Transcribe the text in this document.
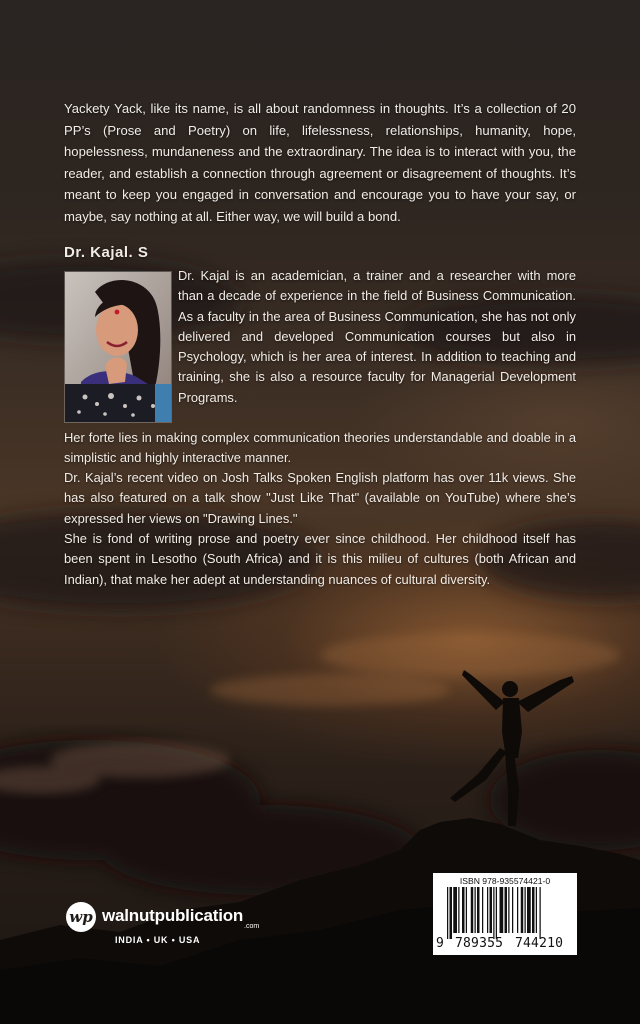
Yackety Yack, like its name, is all about randomness in thoughts. It’s a collection of 20 PP’s (Prose and Poetry) on life, lifelessness, relationships, humanity, hope, hopelessness, mundaneness and the extraordinary. The idea is to interact with you, the reader, and establish a connection through agreement or disagreement of thoughts. It’s meant to keep you engaged in conversation and encourage you to have your say, or maybe, say nothing at all. Either way, we will build a bond.

Dr. Kajal. S

Dr. Kajal is an academician, a trainer and a researcher with more than a decade of experience in the field of Business Communication. As a faculty in the area of Business Communication, she has not only delivered and developed Communication courses but also in Psychology, which is her area of interest. In addition to teaching and training, she is also a resource faculty for Managerial Development Programs.

Her forte lies in making complex communication theories understandable and doable in a simplistic and highly interactive manner.

Dr. Kajal’s recent video on Josh Talks Spoken English platform has over 11k views. She has also featured on a talk show "Just Like That" (available on YouTube) where she’s expressed her views on "Drawing Lines."

She is fond of writing prose and poetry ever since childhood. Her childhood itself has been spent in Lesotho (South Africa) and it is this milieu of cultures (both African and Indian), that make her adept at understanding nuances of cultural diversity.

wp walnutpublication
.com
INDIA • UK • USA
ISBN 978-935574421-0
9 789355 744210
